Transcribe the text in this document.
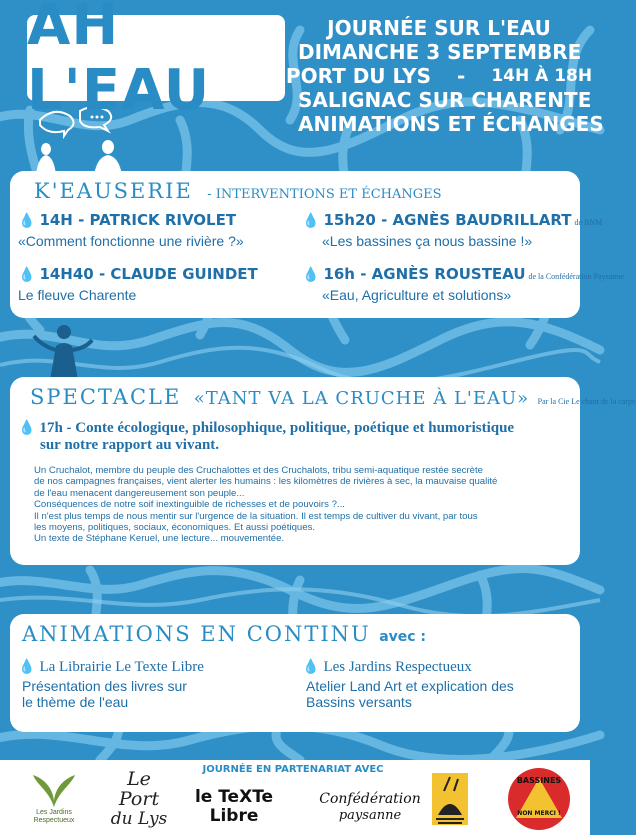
AH L'EAU
JOURNÉE SUR L'EAU
DIMANCHE 3 SEPTEMBRE
PORT DU LYS - 14H À 18H
SALIGNAC SUR CHARENTE
ANIMATIONS ET ÉCHANGES
K'EAUSERIE - INTERVENTIONS ET ÉCHANGES
💧 14H - PATRICK RIVOLET
«Comment fonctionne une rivière ?»
💧 15h20 - AGNÈS BAUDRILLART de BNM
«Les bassines ça nous bassine !»
💧 14H40 - CLAUDE GUINDET
Le fleuve Charente
💧 16h - AGNÈS ROUSTEAU de la Confédération Paysanne
«Eau, Agriculture et solutions»
SPECTACLE «TANT VA LA CRUCHE À L'EAU» Par la Cie Le chant de la carpe
💧 17h - Conte écologique, philosophique, politique, poétique et humoristique
sur notre rapport au vivant.
Un Cruchalot, membre du peuple des Cruchalottes et des Cruchalots, tribu semi-aquatique restée secrète
de nos campagnes françaises, vient alerter les humains : les kilomètres de rivières à sec, la mauvaise qualité
de l'eau menacent dangereusement son peuple...
Conséquences de notre soif inextinguible de richesses et de pouvoirs ?...
Il n'est plus temps de nous mentir sur l'urgence de la situation. Il est temps de cultiver du vivant, par tous
les moyens, politiques, sociaux, économiques. Et aussi poétiques.
Un texte de Stéphane Keruel, une lecture... mouvementée.
ANIMATIONS EN CONTINU avec :
💧 La Librairie Le Texte Libre
Présentation des livres sur
le thème de l'eau
💧 Les Jardins Respectueux
Atelier Land Art et explication des
Bassins versants
JOURNÉE EN PARTENARIAT AVEC
Les Jardins Respectueux
Le Port
du Lys
le TeXTe
Libre
Confédération
paysanne
BASSINES
NON MERCI !
